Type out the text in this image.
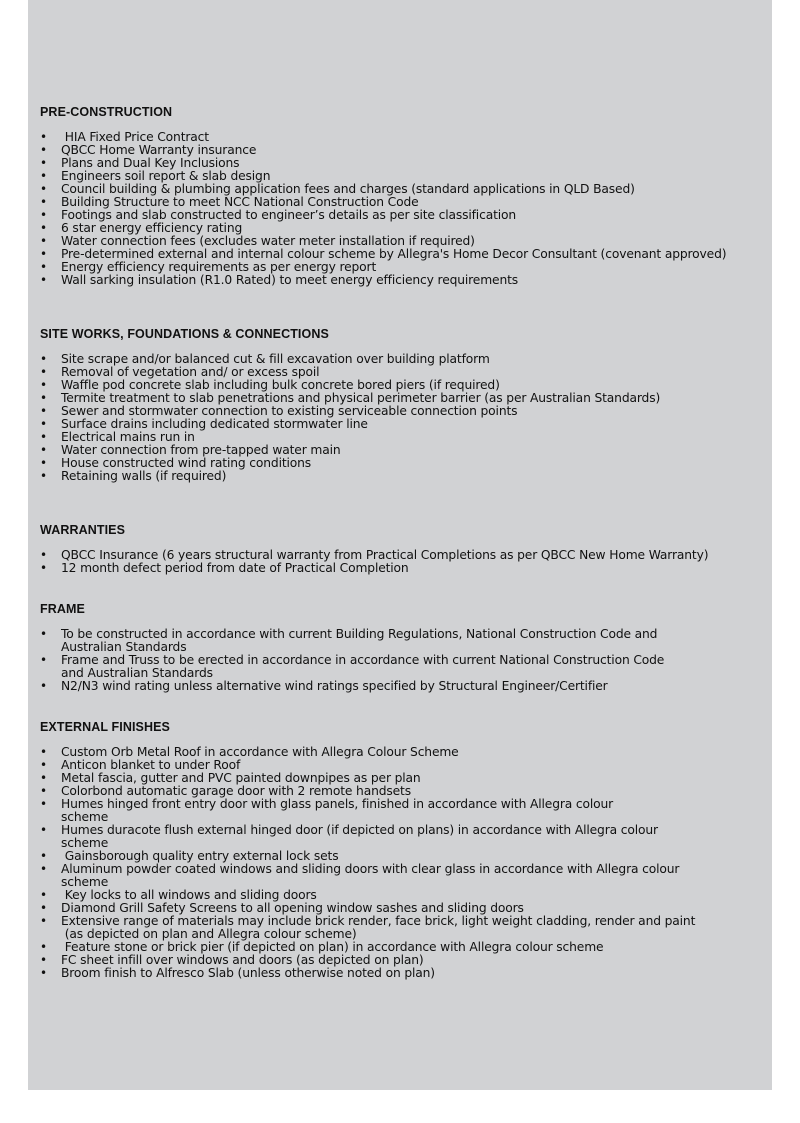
PRE-CONSTRUCTION
• HIA Fixed Price Contract
• QBCC Home Warranty insurance
• Plans and Dual Key Inclusions
• Engineers soil report & slab design
• Council building & plumbing application fees and charges (standard applications in QLD Based)
• Building Structure to meet NCC National Construction Code
• Footings and slab constructed to engineer’s details as per site classification
• 6 star energy efficiency rating
• Water connection fees (excludes water meter installation if required)
• Pre-determined external and internal colour scheme by Allegra's Home Decor Consultant (covenant approved)
• Energy efficiency requirements as per energy report
• Wall sarking insulation (R1.0 Rated) to meet energy efficiency requirements
SITE WORKS, FOUNDATIONS & CONNECTIONS
• Site scrape and/or balanced cut & fill excavation over building platform
• Removal of vegetation and/ or excess spoil
• Waffle pod concrete slab including bulk concrete bored piers (if required)
• Termite treatment to slab penetrations and physical perimeter barrier (as per Australian Standards)
• Sewer and stormwater connection to existing serviceable connection points
• Surface drains including dedicated stormwater line
• Electrical mains run in
• Water connection from pre-tapped water main
• House constructed wind rating conditions
• Retaining walls (if required)
WARRANTIES
• QBCC Insurance (6 years structural warranty from Practical Completions as per QBCC New Home Warranty)
• 12 month defect period from date of Practical Completion
FRAME
• To be constructed in accordance with current Building Regulations, National Construction Code and
Australian Standards
• Frame and Truss to be erected in accordance in accordance with current National Construction Code
and Australian Standards
• N2/N3 wind rating unless alternative wind ratings specified by Structural Engineer/Certifier
EXTERNAL FINISHES
• Custom Orb Metal Roof in accordance with Allegra Colour Scheme
• Anticon blanket to under Roof
• Metal fascia, gutter and PVC painted downpipes as per plan
• Colorbond automatic garage door with 2 remote handsets
• Humes hinged front entry door with glass panels, finished in accordance with Allegra colour
scheme
• Humes duracote flush external hinged door (if depicted on plans) in accordance with Allegra colour
scheme
• Gainsborough quality entry external lock sets
• Aluminum powder coated windows and sliding doors with clear glass in accordance with Allegra colour
scheme
• Key locks to all windows and sliding doors
• Diamond Grill Safety Screens to all opening window sashes and sliding doors
• Extensive range of materials may include brick render, face brick, light weight cladding, render and paint
(as depicted on plan and Allegra colour scheme)
• Feature stone or brick pier (if depicted on plan) in accordance with Allegra colour scheme
• FC sheet infill over windows and doors (as depicted on plan)
• Broom finish to Alfresco Slab (unless otherwise noted on plan)
